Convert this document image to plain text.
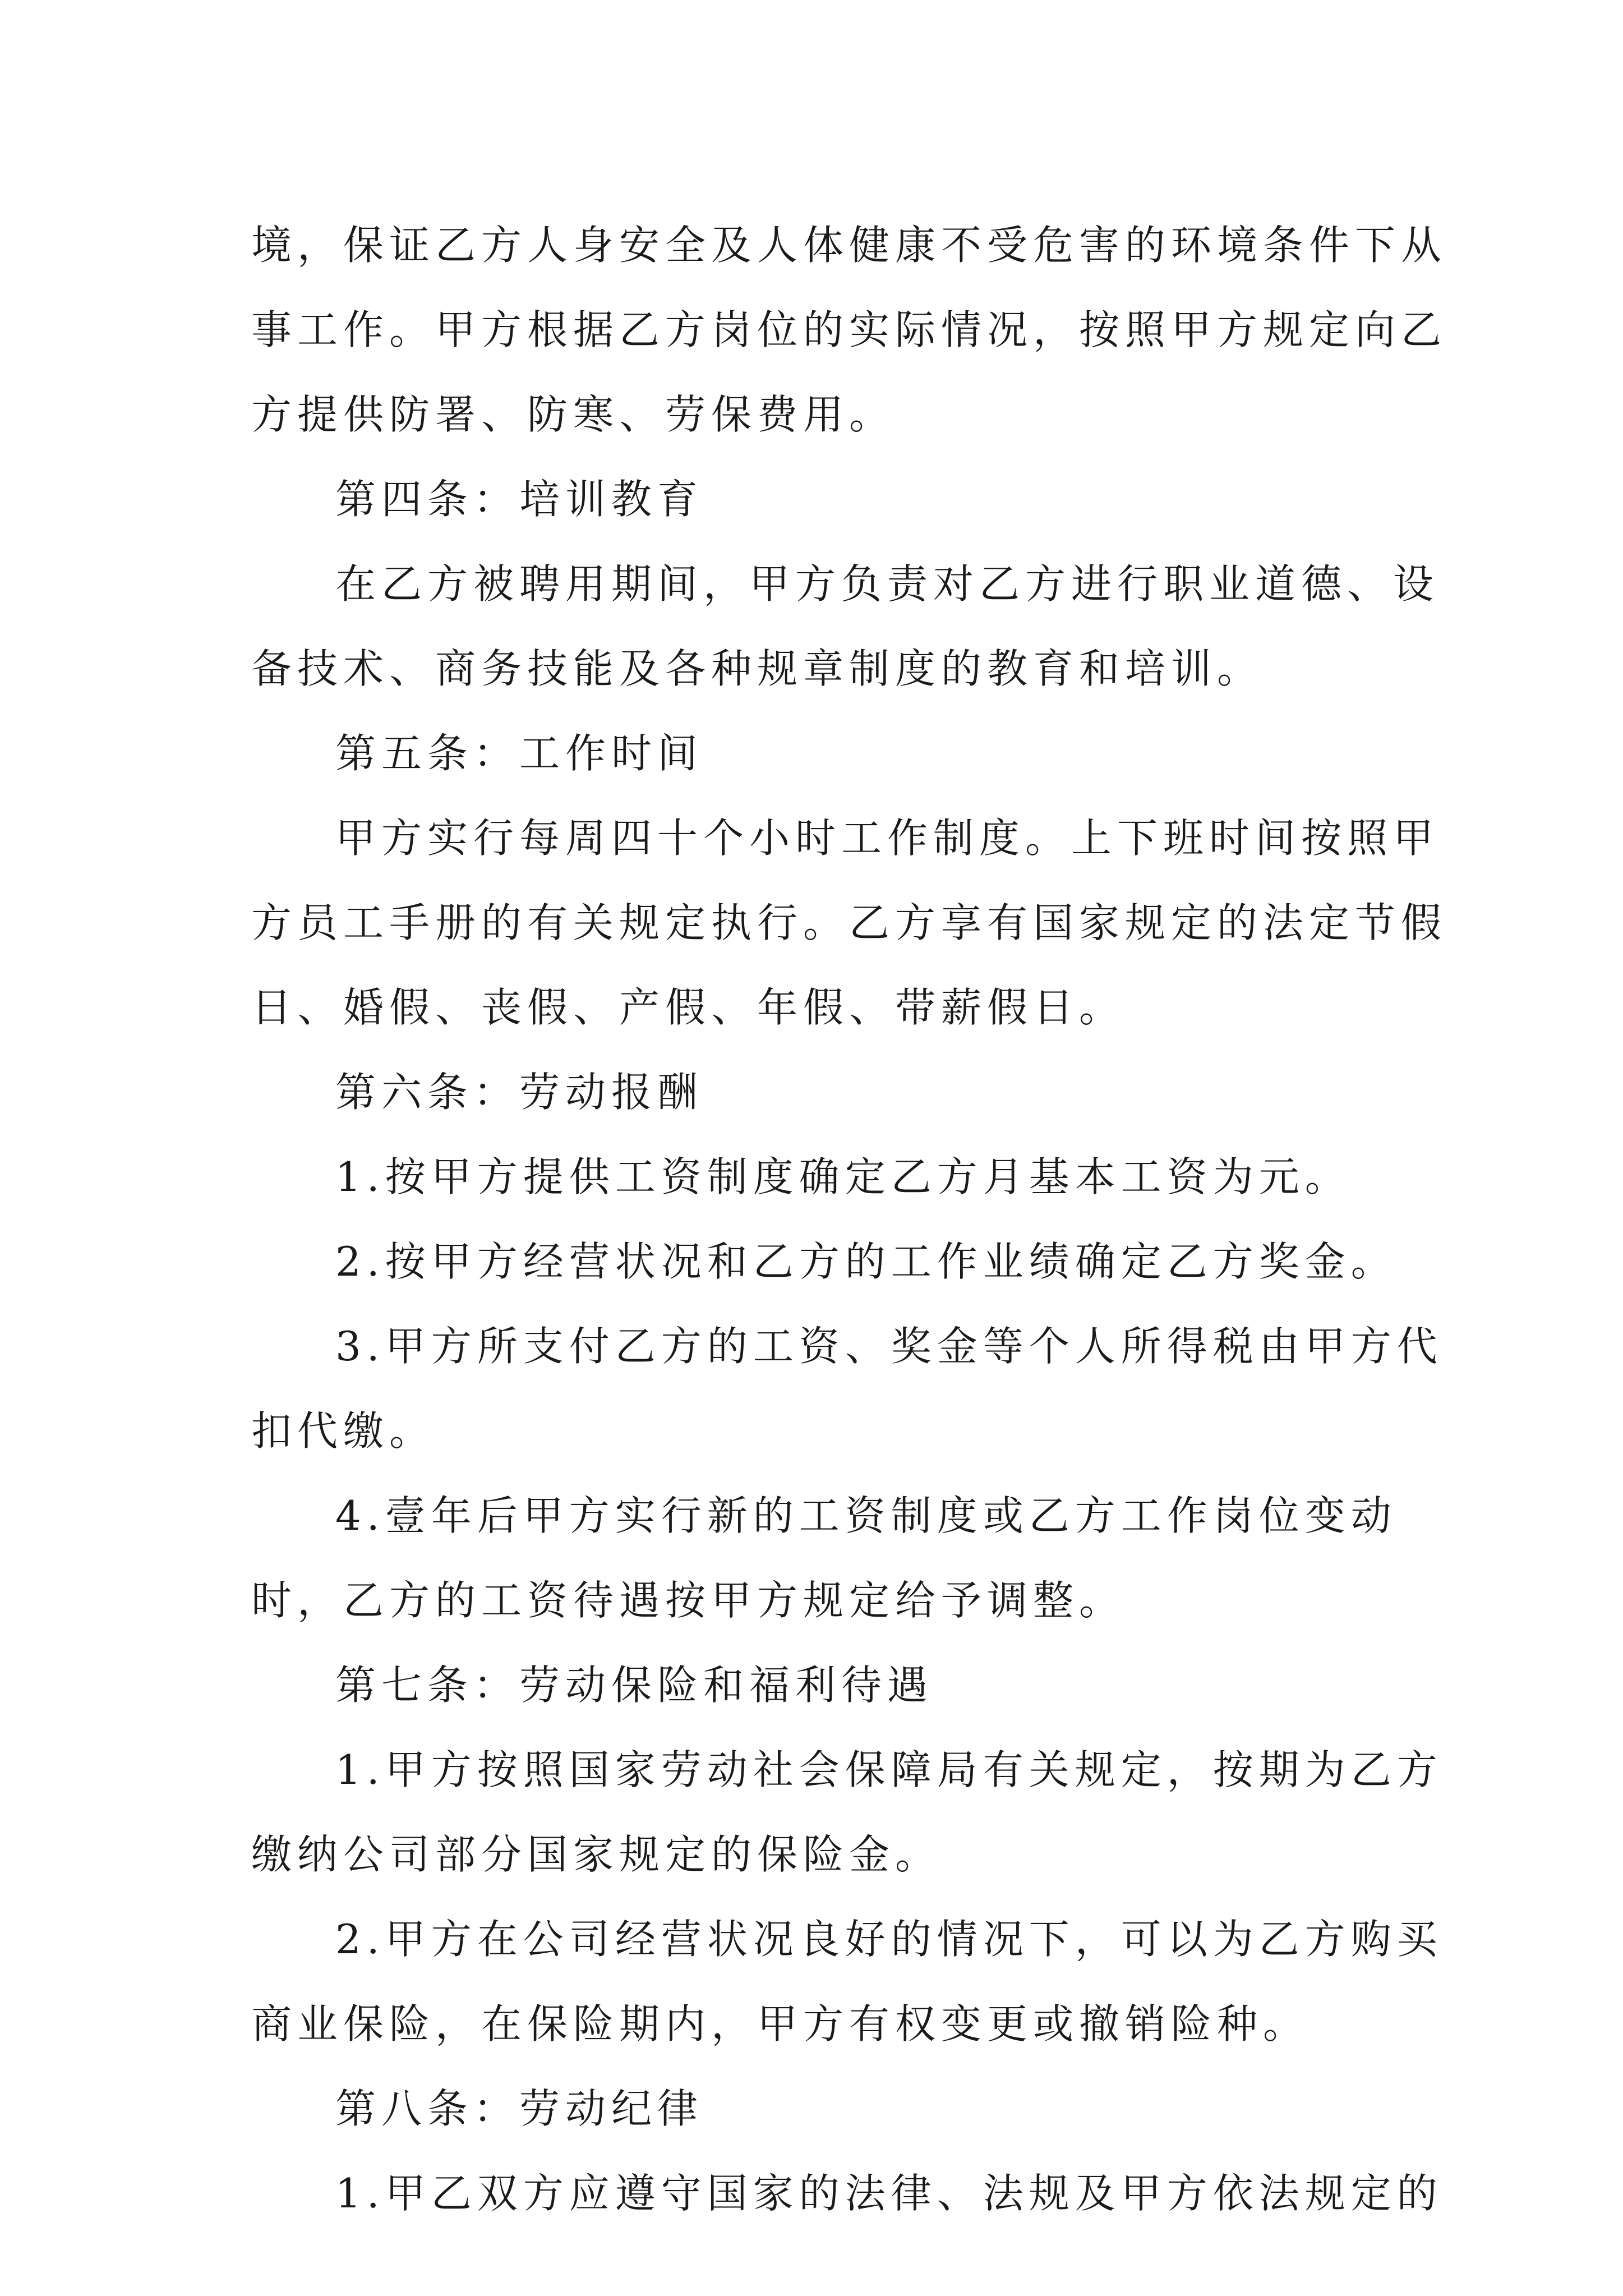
境，保证乙方人身安全及人体健康不受危害的环境条件下从
事工作。甲方根据乙方岗位的实际情况，按照甲方规定向乙
方提供防署、防寒、劳保费用。
第四条：培训教育
在乙方被聘用期间，甲方负责对乙方进行职业道德、设
备技术、商务技能及各种规章制度的教育和培训。
第五条：工作时间
甲方实行每周四十个小时工作制度。上下班时间按照甲
方员工手册的有关规定执行。乙方享有国家规定的法定节假
日、婚假、丧假、产假、年假、带薪假日。
第六条：劳动报酬
1.按甲方提供工资制度确定乙方月基本工资为元。
2.按甲方经营状况和乙方的工作业绩确定乙方奖金。
3.甲方所支付乙方的工资、奖金等个人所得税由甲方代
扣代缴。
4.壹年后甲方实行新的工资制度或乙方工作岗位变动
时，乙方的工资待遇按甲方规定给予调整。
第七条：劳动保险和福利待遇
1.甲方按照国家劳动社会保障局有关规定，按期为乙方
缴纳公司部分国家规定的保险金。
2.甲方在公司经营状况良好的情况下，可以为乙方购买
商业保险，在保险期内，甲方有权变更或撤销险种。
第八条：劳动纪律
1.甲乙双方应遵守国家的法律、法规及甲方依法规定的
